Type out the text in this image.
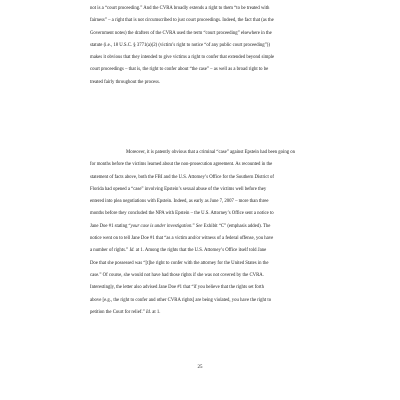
not is a “court proceeding.” And the CVRA broadly extends a right to them “to be treated with
fairness” – a right that is not circumscribed to just court proceedings. Indeed, the fact that (as the
Government notes) the drafters of the CVRA used the term “court proceeding” elsewhere in the
statute (i.e., 18 U.S.C. § 3771(a)(2) (victim’s right to notice “of any public court proceeding”))
makes it obvious that they intended to give victims a right to confer that extended beyond simple
court proceedings – that is, the right to confer about “the case” – as well as a broad right to be
treated fairly throughout the process.

Moreover, it is patently obvious that a criminal “case” against Epstein had been going on
for months before the victims learned about the non-prosecution agreement. As recounted in the
statement of facts above, both the FBI and the U.S. Attorney’s Office for the Southern District of
Florida had opened a “case” involving Epstein’s sexual abuse of the victims well before they
entered into plea negotiations with Epstein. Indeed, as early as June 7, 2007 – more than three
months before they concluded the NPA with Epstein – the U.S. Attorney’s Office sent a notice to
Jane Doe #1 stating “your case is under investigation.” See Exhibit “C” (emphasis added). The
notice went on to tell Jane Doe #1 that “as a victim and/or witness of a federal offense, you have
a number of rights.” Id. at 1. Among the rights that the U.S. Attorney’s Office itself told Jane
Doe that she possessed was “[t]he right to confer with the attorney for the United States in the
case.” Of course, she would not have had those rights if she was not covered by the CVRA.
Interestingly, the letter also advised Jane Doe #1 that “if you believe that the rights set forth
above [e.g., the right to confer and other CVRA rights] are being violated, you have the right to
petition the Court for relief.” Id. at 1.

25
